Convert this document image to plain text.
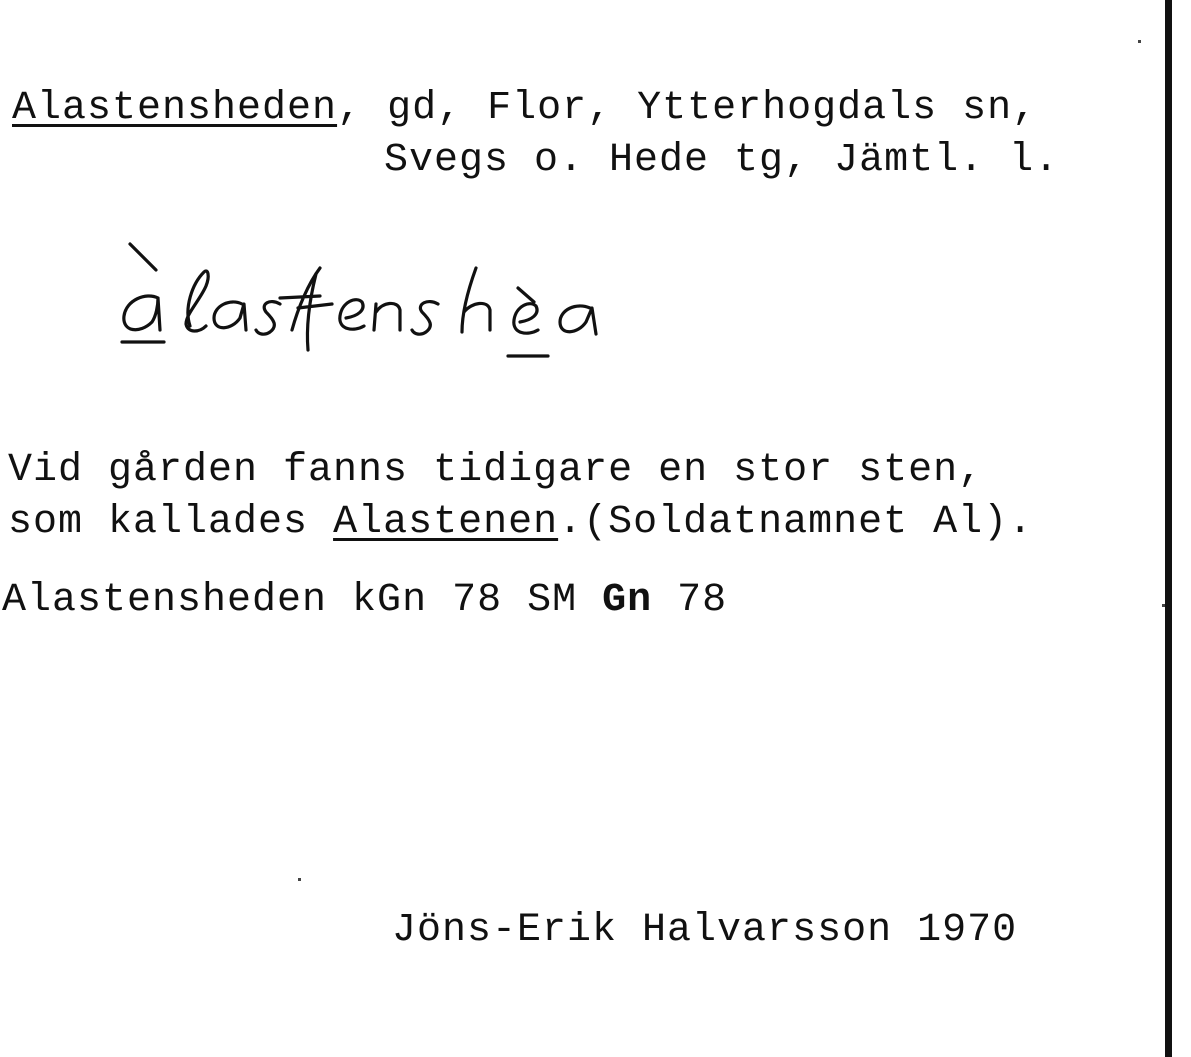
Alastensheden, gd, Flor, Ytterhogdals sn,
Svegs o. Hede tg, Jämtl. l.
Vid gården fanns tidigare en stor sten,
som kallades Alastenen.(Soldatnamnet Al).
Alastensheden kGn 78 SM Gn 78
Jöns-Erik Halvarsson 1970
